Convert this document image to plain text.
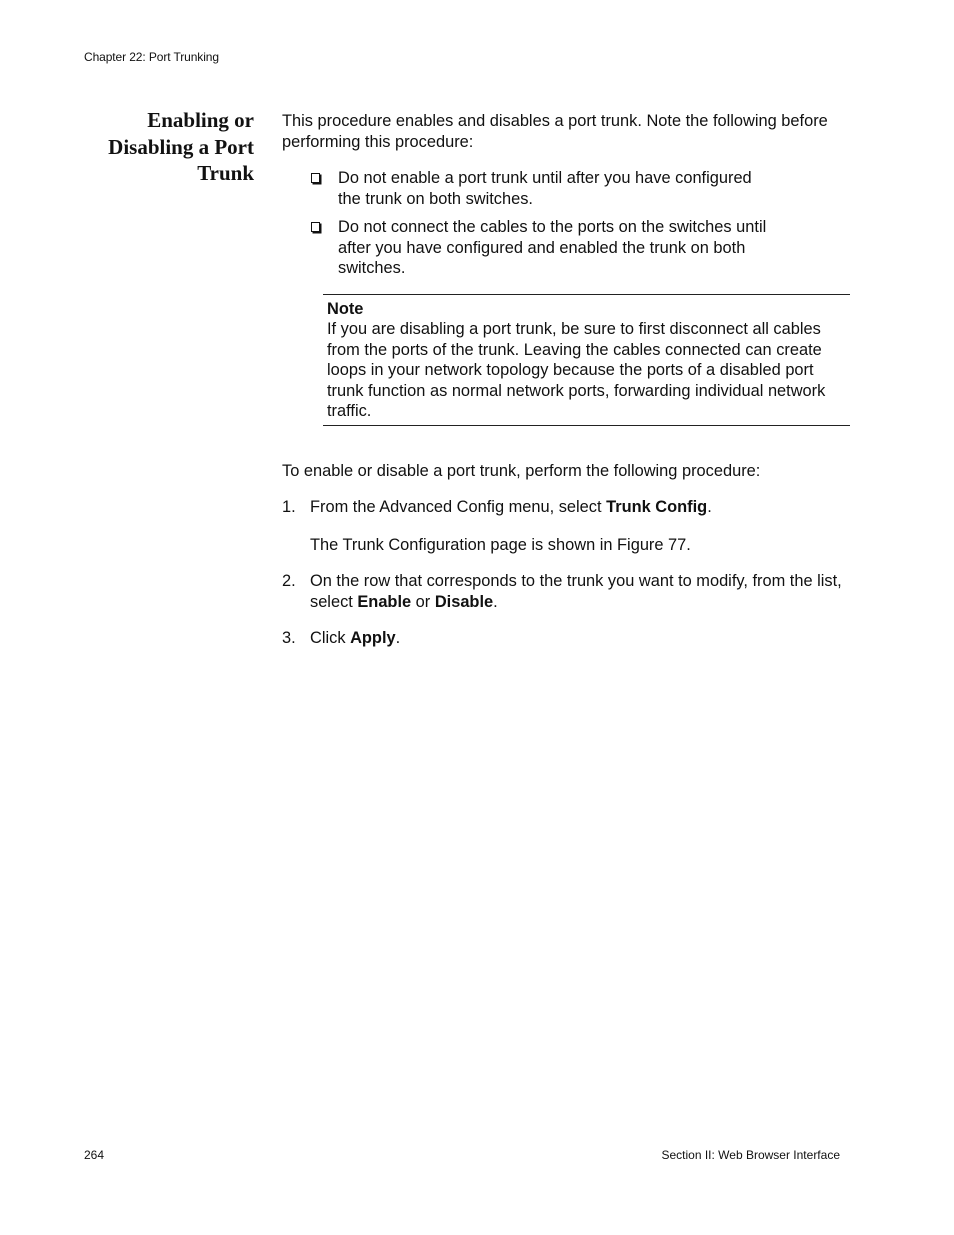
Chapter 22: Port Trunking
Enabling or
Disabling a Port
Trunk

This procedure enables and disables a port trunk. Note the following before performing this procedure:

Do not enable a port trunk until after you have configured the trunk on both switches.
Do not connect the cables to the ports on the switches until after you have configured and enabled the trunk on both switches.
Note
If you are disabling a port trunk, be sure to first disconnect all cables from the ports of the trunk. Leaving the cables connected can create loops in your network topology because the ports of a disabled port trunk function as normal network ports, forwarding individual network traffic.

To enable or disable a port trunk, perform the following procedure:

1. From the Advanced Config menu, select Trunk Config.
The Trunk Configuration page is shown in Figure 77.
2. On the row that corresponds to the trunk you want to modify, from the list, select Enable or Disable.
3. Click Apply.
264	Section II: Web Browser Interface
